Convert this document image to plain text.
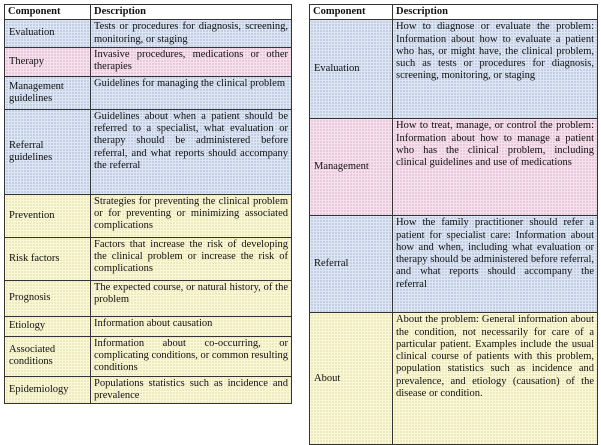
Component	Description
Evaluation	Tests or procedures for diagnosis, screening, monitoring, or staging
Therapy	Invasive procedures, medications or other therapies
Management guidelines	Guidelines for managing the clinical problem
Referral guidelines	Guidelines about when a patient should be referred to a specialist, what evaluation or therapy should be administered before referral, and what reports should accompany the referral
Prevention	Strategies for preventing the clinical problem or for preventing or minimizing associated complications
Risk factors	Factors that increase the risk of developing the clinical problem or increase the risk of complications
Prognosis	The expected course, or natural history, of the problem
Etiology	Information about causation
Associated conditions	Information about co-occurring, or complicating conditions, or common resulting conditions
Epidemiology	Populations statistics such as incidence and prevalence
Component	Description
Evaluation	How to diagnose or evaluate the problem: Information about how to evaluate a patient who has, or might have, the clinical problem, such as tests or procedures for diagnosis, screening, monitoring, or staging
Management	How to treat, manage, or control the problem: Information about how to manage a patient who has the clinical problem, including clinical guidelines and use of medications
Referral	How the family practitioner should refer a patient for specialist care: Information about how and when, including what evaluation or therapy should be administered before referral, and what reports should accompany the referral
About	About the problem: General information about the condition, not necessarily for care of a particular patient. Examples include the usual clinical course of patients with this problem, population statistics such as incidence and prevalence, and etiology (causation) of the disease or condition.
